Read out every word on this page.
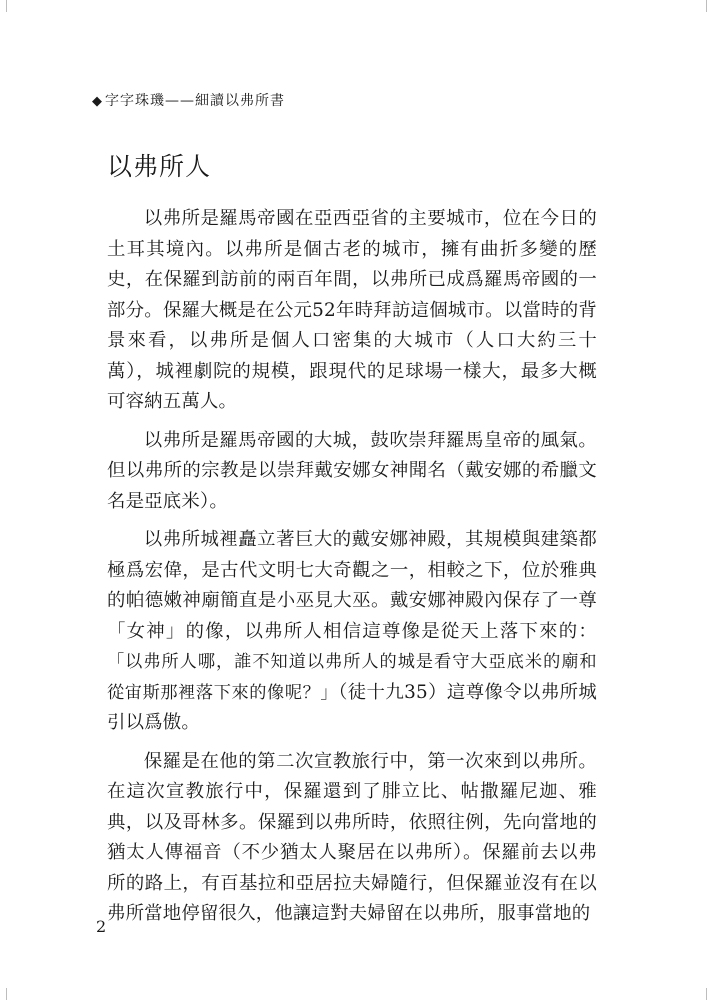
◆ 字字珠璣——細讀以弗所書
以弗所人

以弗所是羅馬帝國在亞西亞省的主要城市，位在今日的土耳其境內。以弗所是個古老的城市，擁有曲折多變的歷史，在保羅到訪前的兩百年間，以弗所已成爲羅馬帝國的一部分。保羅大概是在公元52年時拜訪這個城市。以當時的背景來看，以弗所是個人口密集的大城市（人口大約三十萬），城裡劇院的規模，跟現代的足球場一樣大，最多大概可容納五萬人。

以弗所是羅馬帝國的大城，鼓吹崇拜羅馬皇帝的風氣。但以弗所的宗教是以崇拜戴安娜女神聞名（戴安娜的希臘文名是亞底米）。

以弗所城裡矗立著巨大的戴安娜神殿，其規模與建築都極爲宏偉，是古代文明七大奇觀之一，相較之下，位於雅典的帕德嫩神廟簡直是小巫見大巫。戴安娜神殿內保存了一尊「女神」的像，以弗所人相信這尊像是從天上落下來的：「以弗所人哪，誰不知道以弗所人的城是看守大亞底米的廟和從宙斯那裡落下來的像呢？」（徒十九35）這尊像令以弗所城引以爲傲。

保羅是在他的第二次宣教旅行中，第一次來到以弗所。在這次宣教旅行中，保羅還到了腓立比、帖撒羅尼迦、雅典，以及哥林多。保羅到以弗所時，依照往例，先向當地的猶太人傳福音（不少猶太人聚居在以弗所）。保羅前去以弗所的路上，有百基拉和亞居拉夫婦隨行，但保羅並沒有在以弗所當地停留很久，他讓這對夫婦留在以弗所，服事當地的

2
